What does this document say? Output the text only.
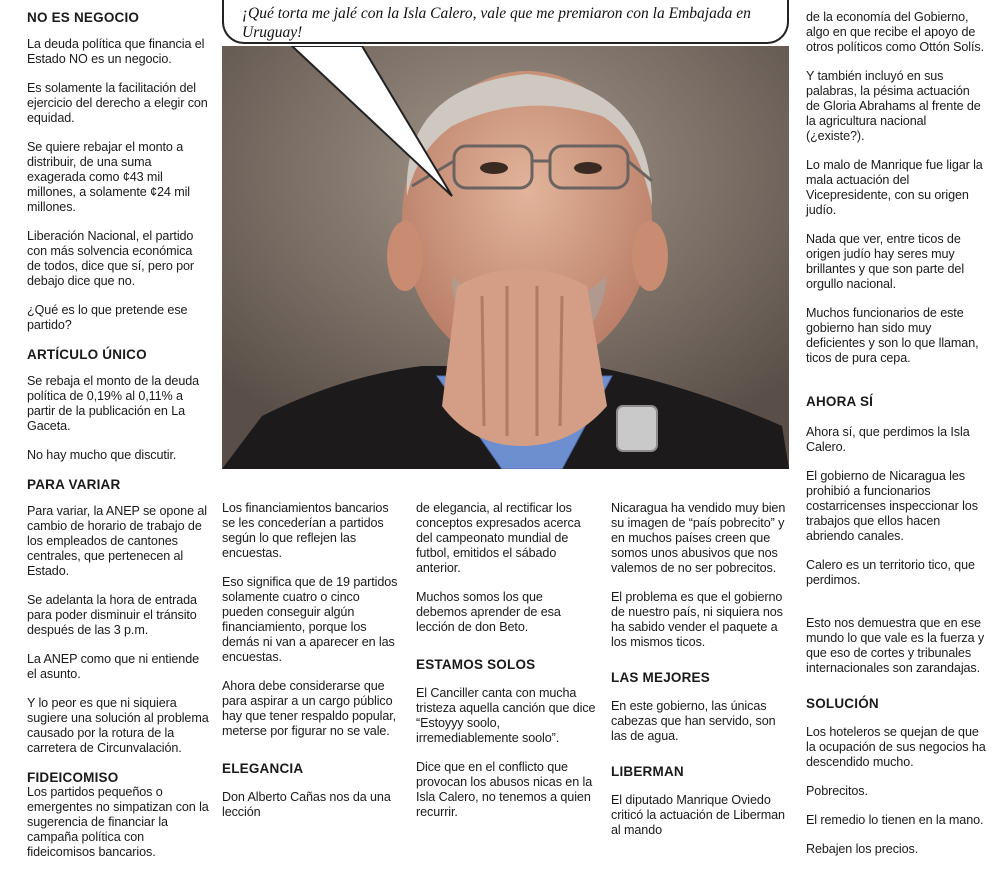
NO ES NEGOCIO

La deuda política que financia el Estado NO es un negocio.

Es solamente la facilitación del ejercicio del derecho a elegir con equidad.

Se quiere rebajar el monto a distribuir, de una suma exagerada como ¢43 mil millones, a solamente ¢24 mil millones.

Liberación Nacional, el partido con más solvencia económica de todos, dice que sí, pero por debajo dice que no.

¿Qué es lo que pretende ese partido?

ARTÍCULO ÚNICO

Se rebaja el monto de la deuda política de 0,19% al 0,11% a partir de la publicación en La Gaceta.

No hay mucho que discutir.

PARA VARIAR

Para variar, la ANEP se opone al cambio de horario de trabajo de los empleados de cantones centrales, que pertenecen al Estado.

Se adelanta la hora de entrada para poder disminuir el tránsito después de las 3 p.m.

La ANEP como que ni entiende el asunto.

Y lo peor es que ni siquiera sugiere una solución al problema causado por la rotura de la carretera de Circunvalación.

FIDEICOMISO

Los partidos pequeños o emergentes no simpatizan con la sugerencia de financiar la campaña política con fideicomisos bancarios.

¡Qué torta me jalé con la Isla Calero, vale que me premiaron con la Embajada en Uruguay!

Los financiamientos bancarios se les concederían a partidos según lo que reflejen las encuestas.

Eso significa que de 19 partidos solamente cuatro o cinco pueden conseguir algún financiamiento, porque los demás ni van a aparecer en las encuestas.

Ahora debe considerarse que para aspirar a un cargo público hay que tener respaldo popular, meterse por figurar no se vale.

ELEGANCIA

Don Alberto Cañas nos da una lección

de elegancia, al rectificar los conceptos expresados acerca del campeonato mundial de futbol, emitidos el sábado anterior.

Muchos somos los que debemos aprender de esa lección de don Beto.

ESTAMOS SOLOS

El Canciller canta con mucha tristeza aquella canción que dice “Estoyyy soolo, irremediablemente soolo”.

Dice que en el conflicto que provocan los abusos nicas en la Isla Calero, no tenemos a quien recurrir.

Nicaragua ha vendido muy bien su imagen de “país pobrecito” y en muchos países creen que somos unos abusivos que nos valemos de no ser pobrecitos.

El problema es que el gobierno de nuestro país, ni siquiera nos ha sabido vender el paquete a los mismos ticos.

LAS MEJORES

En este gobierno, las únicas cabezas que han servido, son las de agua.

LIBERMAN

El diputado Manrique Oviedo criticó la actuación de Liberman al mando

de la economía del Gobierno, algo en que recibe el apoyo de otros políticos como Ottón Solís.

Y también incluyó en sus palabras, la pésima actuación de Gloria Abrahams al frente de la agricultura nacional (¿existe?).

Lo malo de Manrique fue ligar la mala actuación del Vicepresidente, con su origen judío.

Nada que ver, entre ticos de origen judío hay seres muy brillantes y que son parte del orgullo nacional.

Muchos funcionarios de este gobierno han sido muy deficientes y son lo que llaman, ticos de pura cepa.

AHORA SÍ

Ahora sí, que perdimos la Isla Calero.

El gobierno de Nicaragua les prohibió a funcionarios costarricenses inspeccionar los trabajos que ellos hacen abriendo canales.

Calero es un territorio tico, que perdimos.

Esto nos demuestra que en ese mundo lo que vale es la fuerza y que eso de cortes y tribunales internacionales son zarandajas.

SOLUCIÓN

Los hoteleros se quejan de que la ocupación de sus negocios ha descendido mucho.

Pobrecitos.

El remedio lo tienen en la mano.

Rebajen los precios.
